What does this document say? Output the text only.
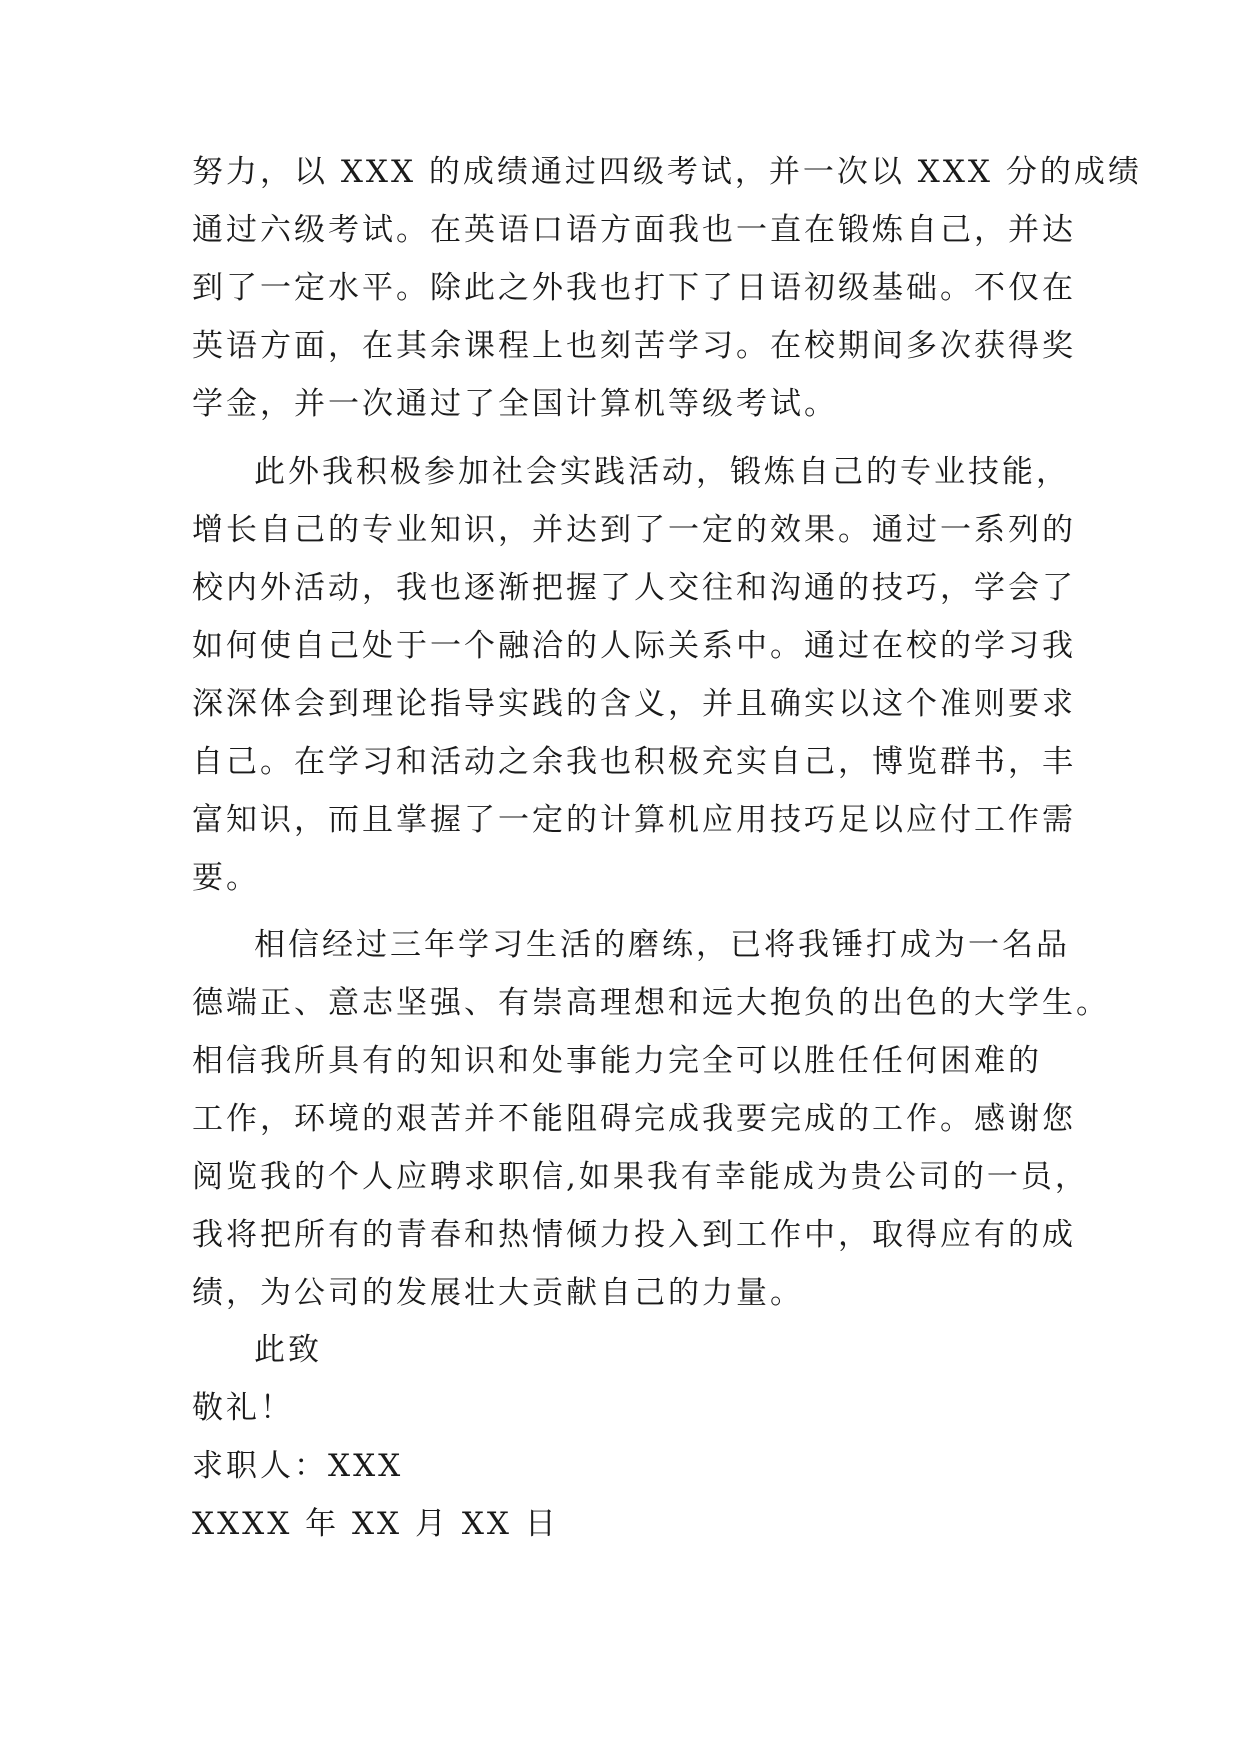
努力，以 XXX 的成绩通过四级考试，并一次以 XXX 分的成绩
通过六级考试。在英语口语方面我也一直在锻炼自己，并达
到了一定水平。除此之外我也打下了日语初级基础。不仅在
英语方面，在其余课程上也刻苦学习。在校期间多次获得奖
学金，并一次通过了全国计算机等级考试。
此外我积极参加社会实践活动，锻炼自己的专业技能，
增长自己的专业知识，并达到了一定的效果。通过一系列的
校内外活动，我也逐渐把握了人交往和沟通的技巧，学会了
如何使自己处于一个融洽的人际关系中。通过在校的学习我
深深体会到理论指导实践的含义，并且确实以这个准则要求
自己。在学习和活动之余我也积极充实自己，博览群书，丰
富知识，而且掌握了一定的计算机应用技巧足以应付工作需
要。
相信经过三年学习生活的磨练，已将我锤打成为一名品
德端正、意志坚强、有崇高理想和远大抱负的出色的大学生。
相信我所具有的知识和处事能力完全可以胜任任何困难的
工作，环境的艰苦并不能阻碍完成我要完成的工作。感谢您
阅览我的个人应聘求职信,如果我有幸能成为贵公司的一员，
我将把所有的青春和热情倾力投入到工作中，取得应有的成
绩，为公司的发展壮大贡献自己的力量。
此致
敬礼！
求职人：XXX
XXXX 年 XX 月 XX 日
